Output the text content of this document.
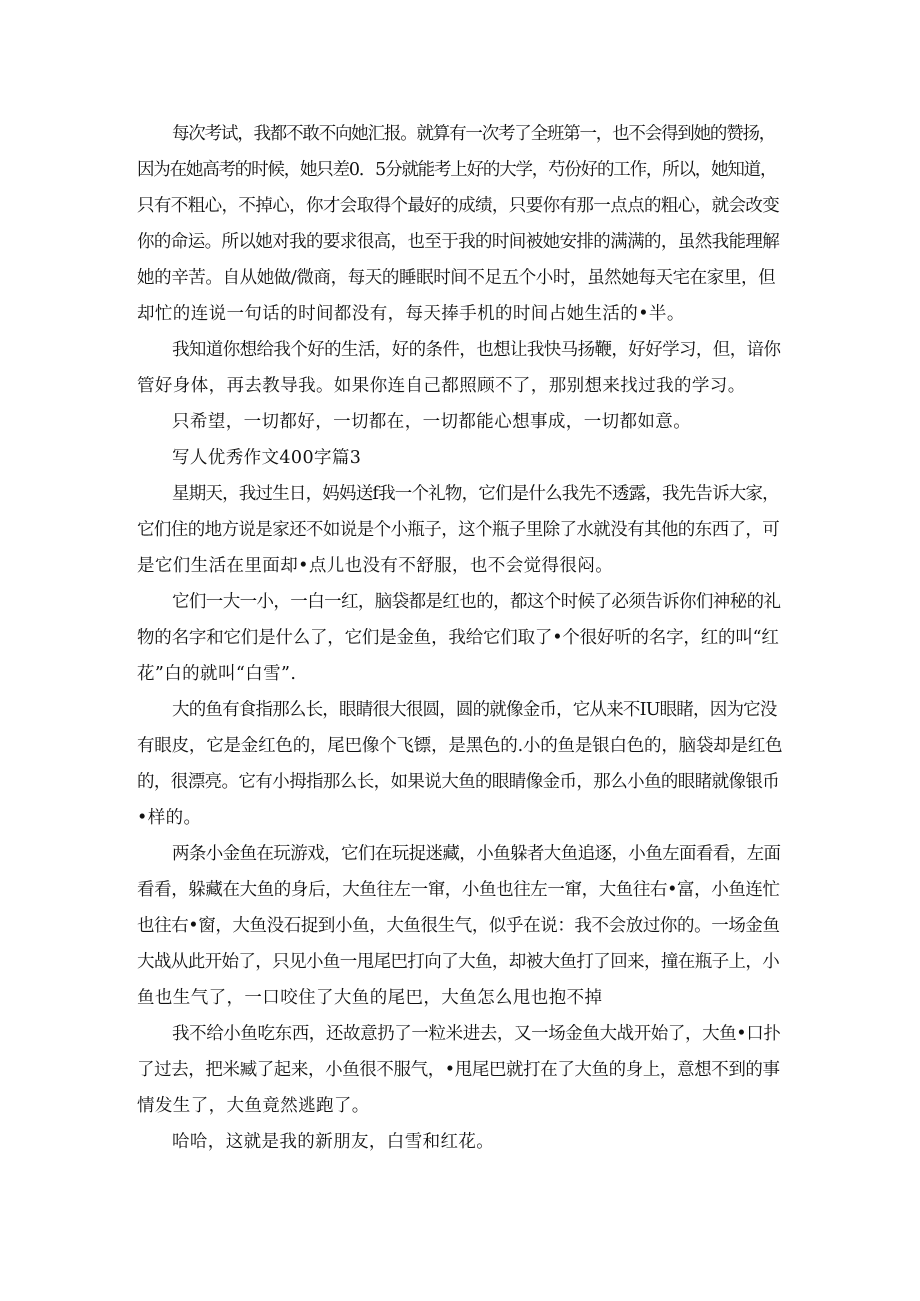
每次考试，我都不敢不向她汇报。就算有一次考了全班第一，也不会得到她的赞扬，
因为在她高考的时候，她只差0．5分就能考上好的大学，芍份好的工作，所以，她知道，
只有不粗心，不掉心，你才会取得个最好的成绩，只要你有那一点点的粗心，就会改变
你的命运。所以她对我的要求很高，也至于我的时间被她安排的满满的，虽然我能理解
她的辛苦。自从她做/微商，每天的睡眠时间不足五个小时，虽然她每天宅在家里，但
却忙的连说一句话的时间都没有，每天捧手机的时间占她生活的•半。
我知道你想给我个好的生活，好的条件，也想让我快马扬鞭，好好学习，但，谙你
管好身体，再去教导我。如果你连自己都照顾不了，那别想来找过我的学习。
只希望，一切都好，一切都在，一切都能心想事成，一切都如意。
写人优秀作文400字篇3
星期天，我过生日，妈妈送f我一个礼物，它们是什么我先不透露，我先告诉大家，
它们住的地方说是家还不如说是个小瓶子，这个瓶子里除了水就没有其他的东西了，可
是它们生活在里面却•点儿也没有不舒服，也不会觉得很闷。
它们一大一小，一白一红，脑袋都是红也的，都这个时候了必须告诉你们神秘的礼
物的名字和它们是什么了，它们是金鱼，我给它们取了•个很好听的名字，红的叫“红
花”白的就叫“白雪”.
大的鱼有食指那么长，眼睛很大很圆，圆的就像金币，它从来不IU眼睹，因为它没
有眼皮，它是金红色的，尾巴像个飞镖，是黑色的.小的鱼是银白色的，脑袋却是红色
的，很漂亮。它有小拇指那么长，如果说大鱼的眼睛像金币，那么小鱼的眼睹就像银币
•样的。
两条小金鱼在玩游戏，它们在玩捉迷藏，小鱼躲者大鱼追逐，小鱼左面看看，左面
看看，躲藏在大鱼的身后，大鱼往左一窜，小鱼也往左一窜，大鱼往右•富，小鱼连忙
也往右•窗，大鱼没石捉到小鱼，大鱼很生气，似乎在说：我不会放过你的。一场金鱼
大战从此开始了，只见小鱼一甩尾巴打向了大鱼，却被大鱼打了回来，撞在瓶子上，小
鱼也生气了，一口咬住了大鱼的尾巴，大鱼怎么甩也抱不掉
我不给小鱼吃东西，还故意扔了一粒米进去，又一场金鱼大战开始了，大鱼•口扑
了过去，把米臧了起来，小鱼很不服气，•甩尾巴就打在了大鱼的身上，意想不到的事
情发生了，大鱼竟然逃跑了。
哈哈，这就是我的新朋友，白雪和红花。
